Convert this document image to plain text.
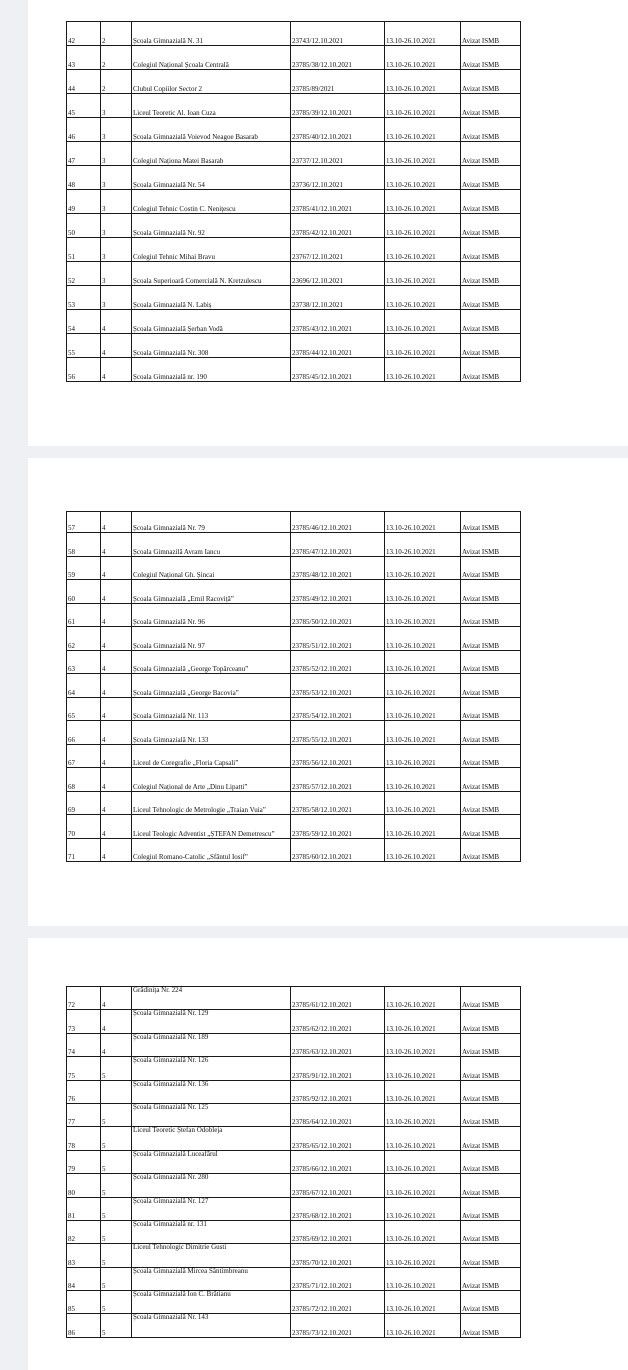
42	2	Școala Gimnazială N. 31	23743/12.10.2021	13.10-26.10.2021	Avizat ISMB
43	2	Colegiul Național Școala Centrală	23785/38/12.10.2021	13.10-26.10.2021	Avizat ISMB
44	2	Clubul Copiilor Sector 2	23785/89/2021	13.10-26.10.2021	Avizat ISMB
45	3	Liceul Teoretic Al. Ioan Cuza	23785/39/12.10.2021	13.10-26.10.2021	Avizat ISMB
46	3	Școala Gimnazială Voievod Neagoe Basarab	23785/40/12.10.2021	13.10-26.10.2021	Avizat ISMB
47	3	Colegiul Naționa Matei Basarab	23737/12.10.2021	13.10-26.10.2021	Avizat ISMB
48	3	Școala Gimnazială Nr. 54	23736/12.10.2021	13.10-26.10.2021	Avizat ISMB
49	3	Colegiul Tehnic Costin C. Nenițescu	23785/41/12.10.2021	13.10-26.10.2021	Avizat ISMB
50	3	Școala Gimnazială Nr. 92	23785/42/12.10.2021	13.10-26.10.2021	Avizat ISMB
51	3	Colegiul Tehnic Mihai Bravu	23767/12.10.2021	13.10-26.10.2021	Avizat ISMB
52	3	Școala Superioară Comercială N. Kretzulescu	23696/12.10.2021	13.10-26.10.2021	Avizat ISMB
53	3	Școala Gimnazială N. Labiș	23738/12.10.2021	13.10-26.10.2021	Avizat ISMB
54	4	Școala Gimnazială Șerban Vodă	23785/43/12.10.2021	13.10-26.10.2021	Avizat ISMB
55	4	Școala Gimnazială Nr. 308	23785/44/12.10.2021	13.10-26.10.2021	Avizat ISMB
56	4	Școala Gimnazială nr. 190	23785/45/12.10.2021	13.10-26.10.2021	Avizat ISMB
57	4	Școala Gimnazială Nr. 79	23785/46/12.10.2021	13.10-26.10.2021	Avizat ISMB
58	4	Școala Gimnazilă Avram Iancu	23785/47/12.10.2021	13.10-26.10.2021	Avizat ISMB
59	4	Colegiul Național Gh. Șincai	23785/48/12.10.2021	13.10-26.10.2021	Avizat ISMB
60	4	Școala Gimnazială „Emil Racoviță”	23785/49/12.10.2021	13.10-26.10.2021	Avizat ISMB
61	4	Școala Gimnazială Nr. 96	23785/50/12.10.2021	13.10-26.10.2021	Avizat ISMB
62	4	Școala Gimnazială Nr. 97	23785/51/12.10.2021	13.10-26.10.2021	Avizat ISMB
63	4	Școala Gimnazială „George Topârceanu”	23785/52/12.10.2021	13.10-26.10.2021	Avizat ISMB
64	4	Școala Gimnazială „George Bacovia”	23785/53/12.10.2021	13.10-26.10.2021	Avizat ISMB
65	4	Școala Gimnazială Nr. 113	23785/54/12.10.2021	13.10-26.10.2021	Avizat ISMB
66	4	Școala Gimnazială Nr. 133	23785/55/12.10.2021	13.10-26.10.2021	Avizat ISMB
67	4	Liceul de Coregrafie „Floria Capsali”	23785/56/12.10.2021	13.10-26.10.2021	Avizat ISMB
68	4	Colegiul Național de Arte „Dinu Lipatti”	23785/57/12.10.2021	13.10-26.10.2021	Avizat ISMB
69	4	Liceul Tehnologic de Metrologie „Traian Vuia”	23785/58/12.10.2021	13.10-26.10.2021	Avizat ISMB
70	4	Liceul Teologic Adventist „ȘTEFAN Demetrescu”	23785/59/12.10.2021	13.10-26.10.2021	Avizat ISMB
71	4	Colegiul Romano-Catolic „Sfântul Iosif”	23785/60/12.10.2021	13.10-26.10.2021	Avizat ISMB
72	4	Grădinița Nr. 224	23785/61/12.10.2021	13.10-26.10.2021	Avizat ISMB
73	4	Școala Gimnazială Nr. 129	23785/62/12.10.2021	13.10-26.10.2021	Avizat ISMB
74	4	Școala Gimnazială Nr. 189	23785/63/12.10.2021	13.10-26.10.2021	Avizat ISMB
75	5	Școala Gimnazială Nr. 126	23785/91/12.10.2021	13.10-26.10.2021	Avizat ISMB
76		Școala Gimnazială Nr. 136	23785/92/12.10.2021	13.10-26.10.2021	Avizat ISMB
77	5	Școala Gimnazială Nr. 125	23785/64/12.10.2021	13.10-26.10.2021	Avizat ISMB
78	5	Liceul Teoretic Ștefan Odobleja	23785/65/12.10.2021	13.10-26.10.2021	Avizat ISMB
79	5	Școala Gimnazială Luceafărul	23785/66/12.10.2021	13.10-26.10.2021	Avizat ISMB
80	5	Școala Gimnazială Nr. 280	23785/67/12.10.2021	13.10-26.10.2021	Avizat ISMB
81	5	Școala Gimnazială Nr. 127	23785/68/12.10.2021	13.10-26.10.2021	Avizat ISMB
82	5	Școala Gimnazială nr. 131	23785/69/12.10.2021	13.10-26.10.2021	Avizat ISMB
83	5	Liceul Tehnologic Dimitrie Gusti	23785/70/12.10.2021	13.10-26.10.2021	Avizat ISMB
84	5	Școala Gimnazială Mircea Sântimbreanu	23785/71/12.10.2021	13.10-26.10.2021	Avizat ISMB
85	5	Școala Gimnazială Ion C. Brătianu	23785/72/12.10.2021	13.10-26.10.2021	Avizat ISMB
86	5	Școala Gimnazială Nr. 143	23785/73/12.10.2021	13.10-26.10.2021	Avizat ISMB
